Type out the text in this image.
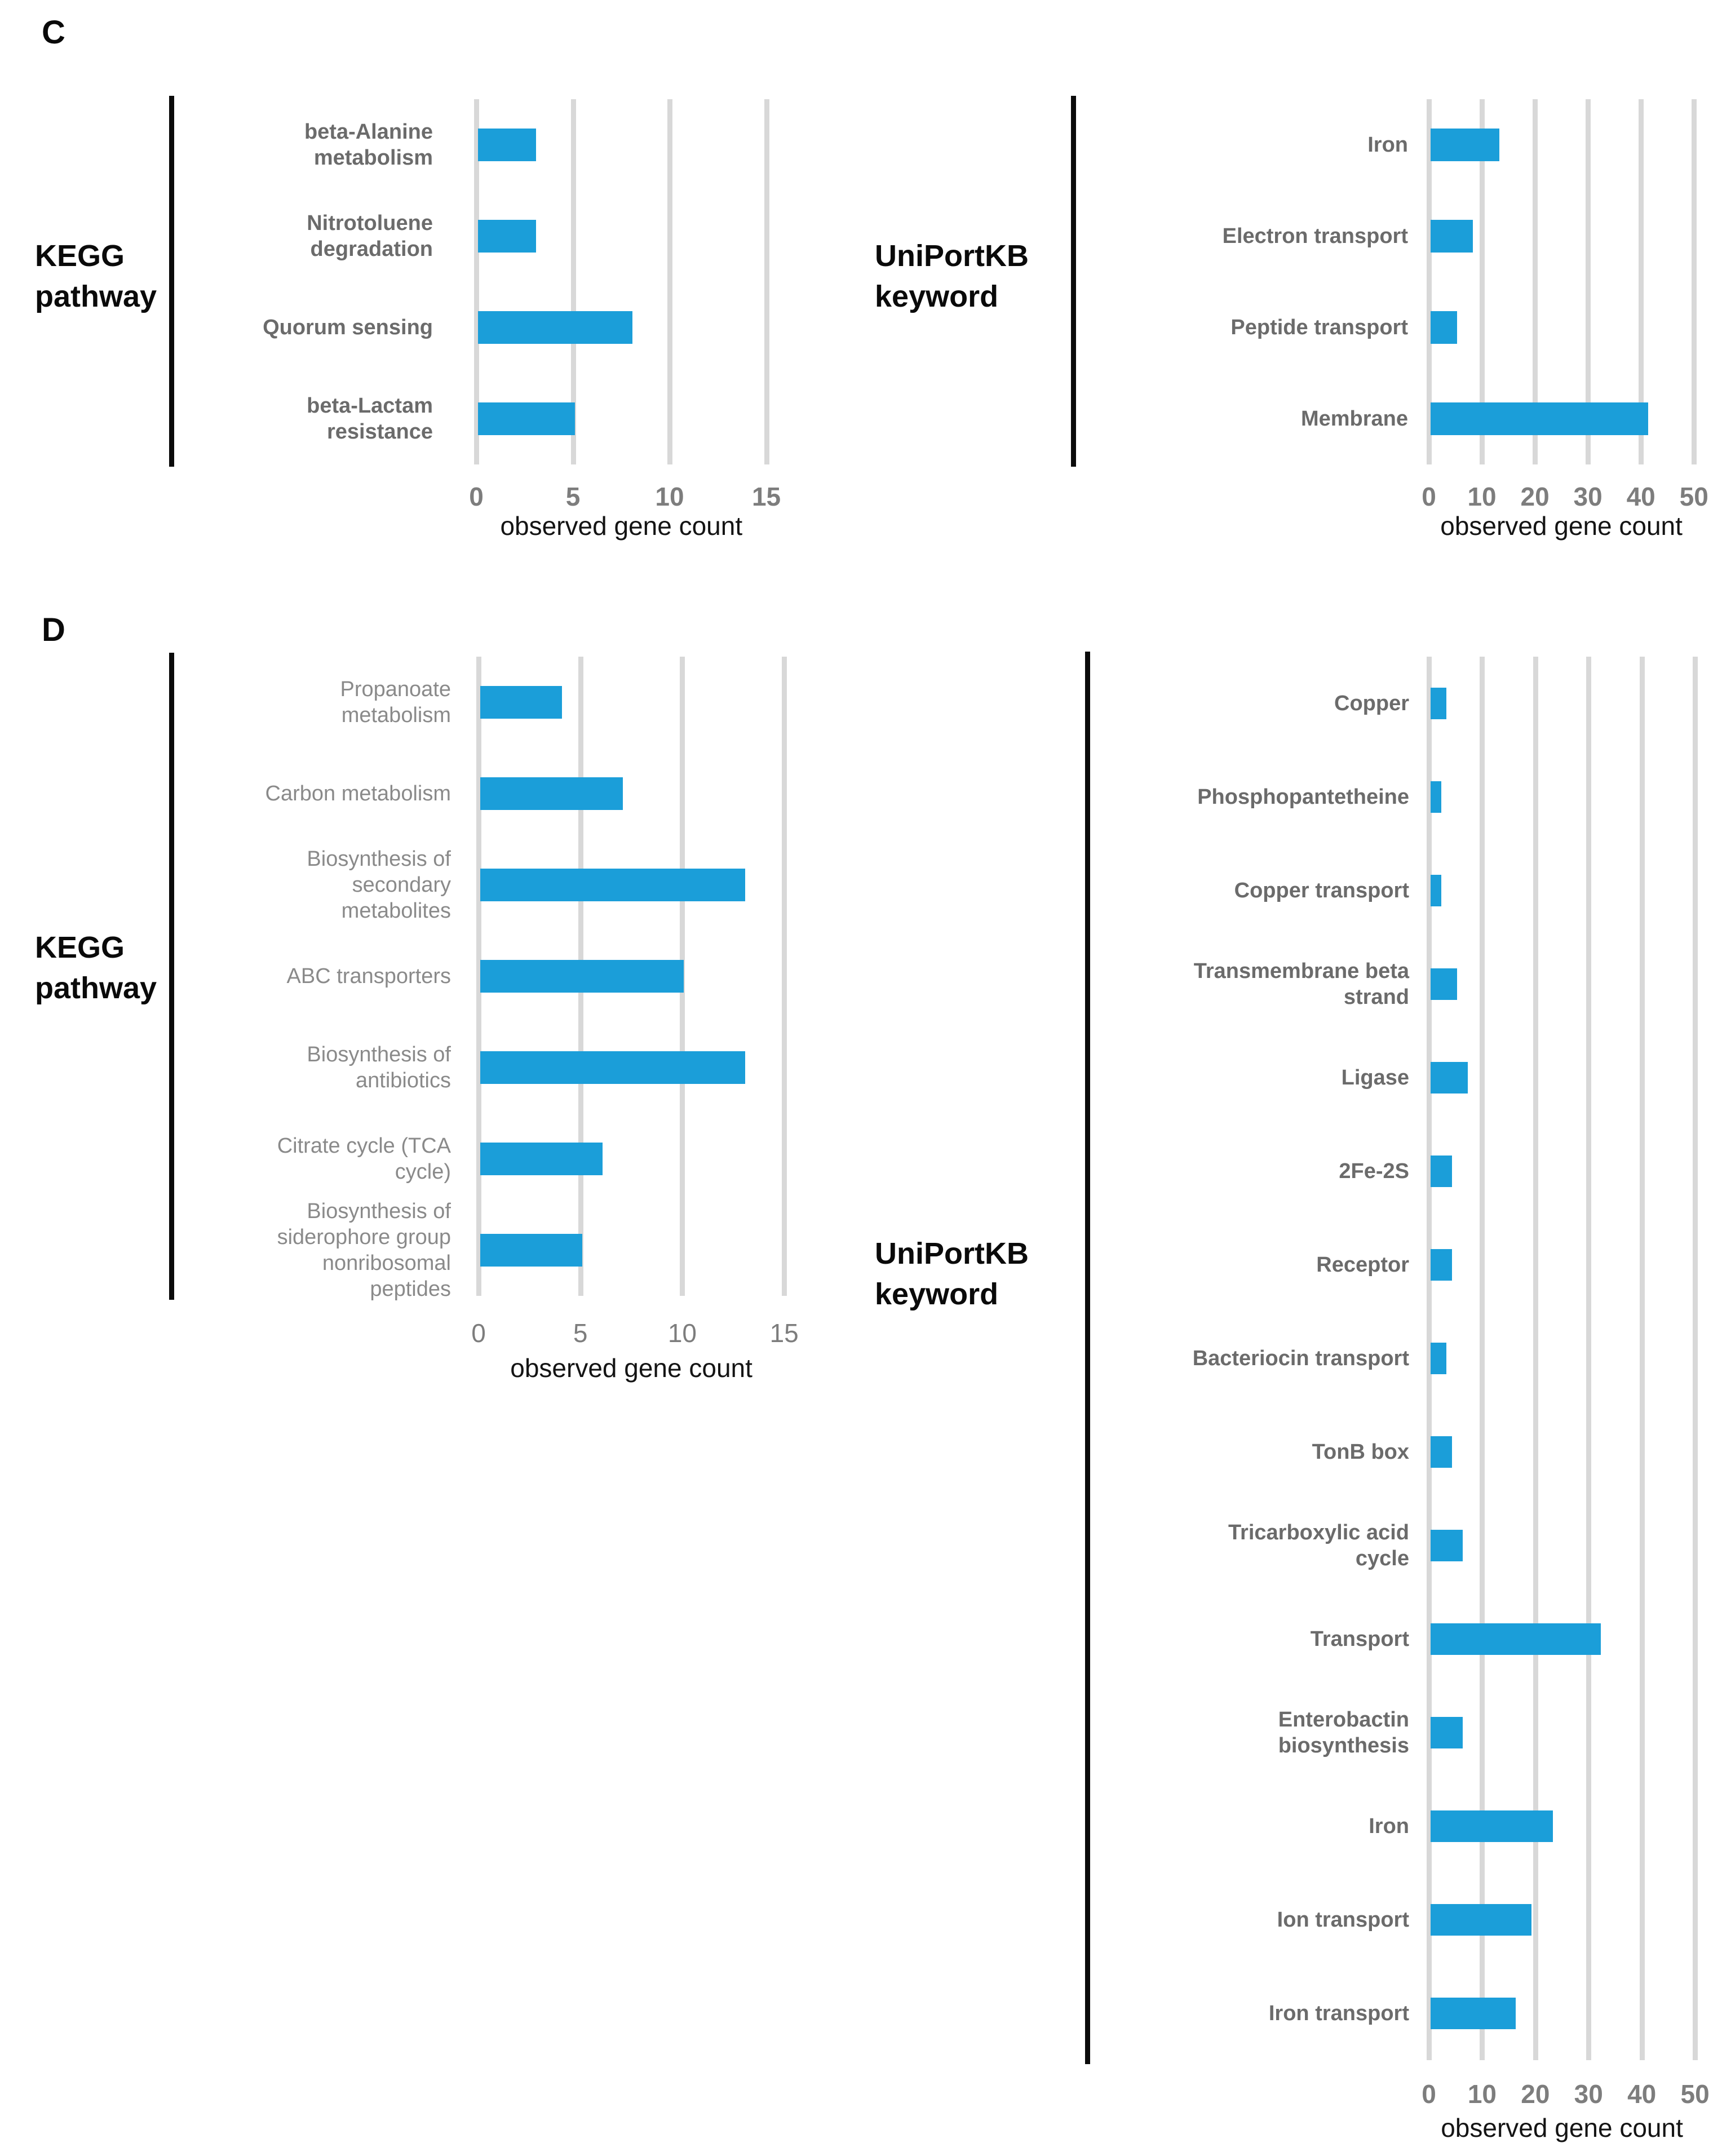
C
D
KEGG
pathway
beta-Alanine
metabolism
Nitrotoluene
degradation
Quorum sensing
beta-Lactam
resistance
0	5	10	15
observed gene count
UniPortKB
keyword
Iron
Electron transport
Peptide transport
Membrane
0 10 20 30 40 50
observed gene count
KEGG
pathway
Propanoate
metabolism
Carbon metabolism
Biosynthesis of
secondary
metabolites
ABC transporters
Biosynthesis of
antibiotics
Citrate cycle (TCA
cycle)
Biosynthesis of
siderophore group
nonribosomal
peptides
0	5	10	15
observed gene count
UniPortKB
keyword
Copper
Phosphopantetheine
Copper transport
Transmembrane beta
strand
Ligase
2Fe-2S
Receptor
Bacteriocin transport
TonB box
Tricarboxylic acid
cycle
Transport
Enterobactin
biosynthesis
Iron
Ion transport
Iron transport
0 10 20 30 40 50
observed gene count
